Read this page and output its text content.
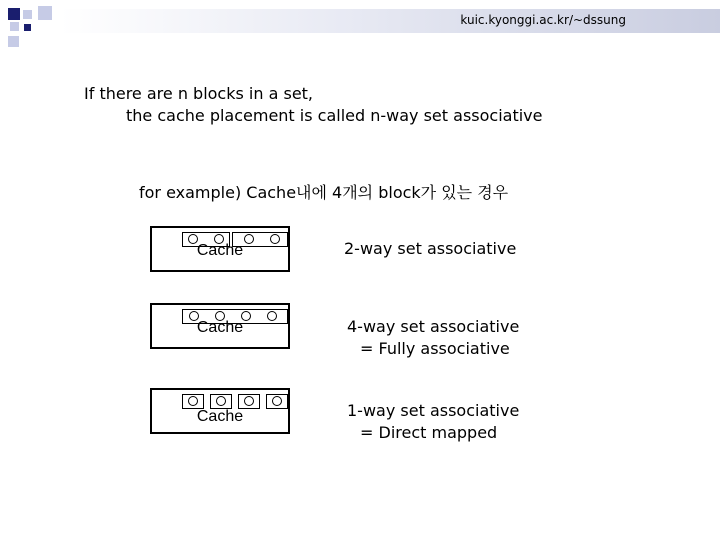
kuic.kyonggi.ac.kr/~dssung
If there are n blocks in a set,
the cache placement is called n-way set associative
for example) Cache내에 4개의 block가 있는 경우
Cache	2-way set associative
Cache	4-way set associative
= Fully associative
Cache	1-way set associative
= Direct mapped
